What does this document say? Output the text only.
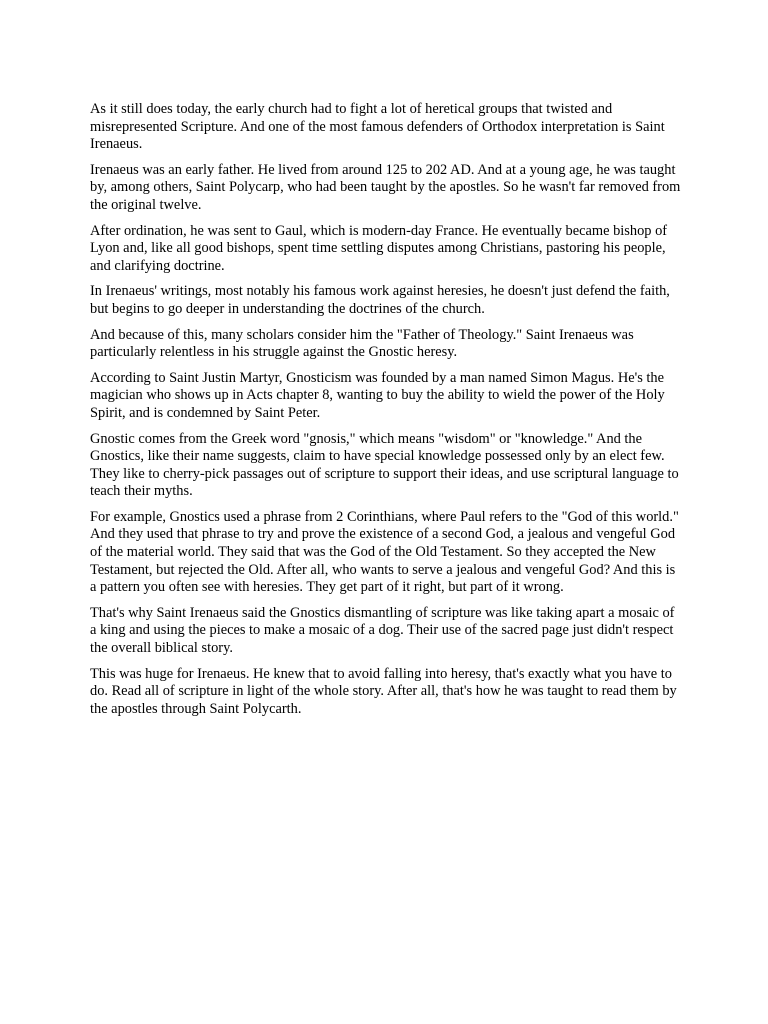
As it still does today, the early church had to fight a lot of heretical groups that twisted and misrepresented Scripture. And one of the most famous defenders of Orthodox interpretation is Saint Irenaeus.

Irenaeus was an early father. He lived from around 125 to 202 AD. And at a young age, he was taught by, among others, Saint Polycarp, who had been taught by the apostles. So he wasn't far removed from the original twelve.

After ordination, he was sent to Gaul, which is modern-day France. He eventually became bishop of Lyon and, like all good bishops, spent time settling disputes among Christians, pastoring his people, and clarifying doctrine.

In Irenaeus' writings, most notably his famous work against heresies, he doesn't just defend the faith, but begins to go deeper in understanding the doctrines of the church.

And because of this, many scholars consider him the "Father of Theology." Saint Irenaeus was particularly relentless in his struggle against the Gnostic heresy.

According to Saint Justin Martyr, Gnosticism was founded by a man named Simon Magus. He's the magician who shows up in Acts chapter 8, wanting to buy the ability to wield the power of the Holy Spirit, and is condemned by Saint Peter.

Gnostic comes from the Greek word "gnosis," which means "wisdom" or "knowledge." And the Gnostics, like their name suggests, claim to have special knowledge possessed only by an elect few. They like to cherry-pick passages out of scripture to support their ideas, and use scriptural language to teach their myths.

For example, Gnostics used a phrase from 2 Corinthians, where Paul refers to the "God of this world." And they used that phrase to try and prove the existence of a second God, a jealous and vengeful God of the material world. They said that was the God of the Old Testament. So they accepted the New Testament, but rejected the Old. After all, who wants to serve a jealous and vengeful God? And this is a pattern you often see with heresies. They get part of it right, but part of it wrong.

That's why Saint Irenaeus said the Gnostics dismantling of scripture was like taking apart a mosaic of a king and using the pieces to make a mosaic of a dog. Their use of the sacred page just didn't respect the overall biblical story.

This was huge for Irenaeus. He knew that to avoid falling into heresy, that's exactly what you have to do. Read all of scripture in light of the whole story. After all, that's how he was taught to read them by the apostles through Saint Polycarth.
